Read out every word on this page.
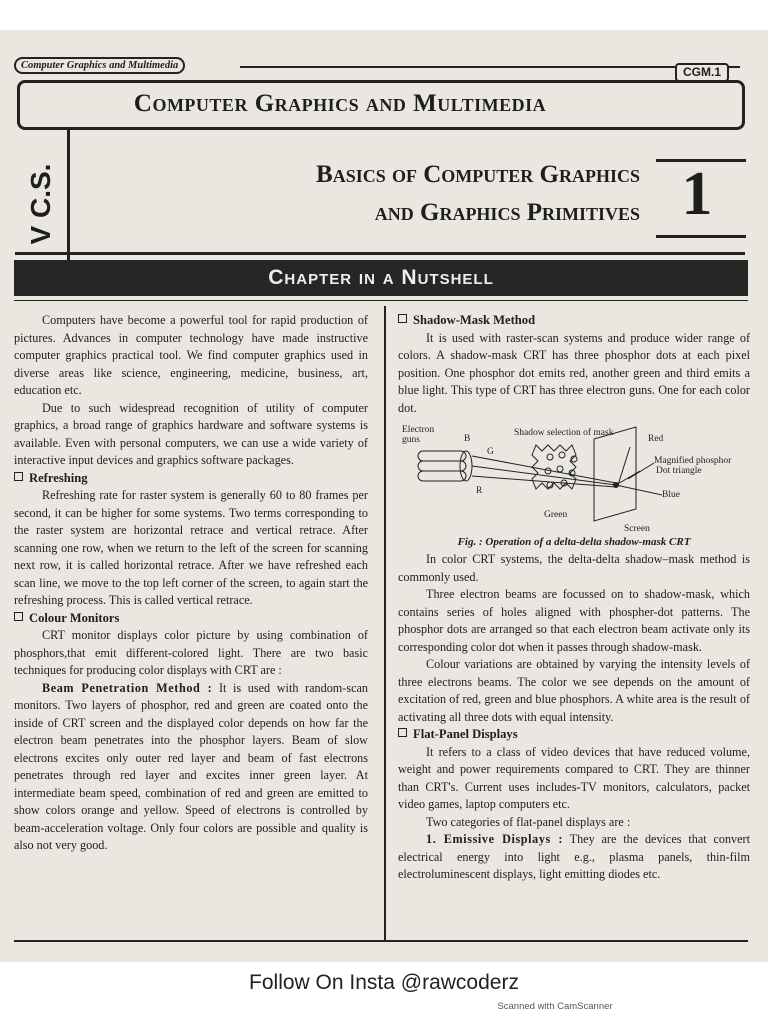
Computer Graphics and Multimedia	CGM.1
Computer Graphics and Multimedia
V C.S.	Basics of Computer Graphics
and Graphics Primitives 1
Chapter in a Nutshell

Computers have become a powerful tool for rapid production of pictures. Advances in computer technology have made instructive computer graphics practical tool. We find computer graphics used in diverse areas like science, engineering, medicine, business, art, education etc.

Due to such widespread recognition of utility of computer graphics, a broad range of graphics hardware and software systems is available. Even with personal computers, we can use a wide variety of interactive input devices and graphics software packages.

Refreshing

Refreshing rate for raster system is generally 60 to 80 frames per second, it can be higher for some systems. Two terms corresponding to the raster system are horizontal retrace and vertical retrace. After scanning one row, when we return to the left of the screen for scanning next row, it is called horizontal retrace. After we have refreshed each scan line, we move to the top left corner of the screen, to again start the refreshing process. This is called vertical retrace.

Colour Monitors

CRT monitor displays color picture by using combination of phosphors,that emit different-colored light. There are two basic techniques for producing color displays with CRT are :

Beam Penetration Method : It is used with random-scan monitors. Two layers of phosphor, red and green are coated onto the inside of CRT screen and the displayed color depends on how far the electron beam penetrates into the phosphor layers. Beam of slow electrons excites only outer red layer and beam of fast electrons penetrates through red layer and excites inner green layer. At intermediate beam speed, combination of red and green are emitted to show colors orange and yellow. Speed of electrons is controlled by beam-acceleration voltage. Only four colors are possible and quality is also not very good.

Shadow-Mask Method

It is used with raster-scan systems and produce wider range of colors. A shadow-mask CRT has three phosphor dots at each pixel position. One phosphor dot emits red, another green and third emits a blue light. This type of CRT has three electron guns. One for each color dot.

Electron
guns	B
G
R
Shadow selection of mask
Red
Magnified phosphor
Dot triangle
Blue
Green
Screen
Fig. : Operation of a delta-delta shadow-mask CRT

In color CRT systems, the delta-delta shadow–mask method is commonly used.

Three electron beams are focussed on to shadow-mask, which contains series of holes aligned with phospher-dot patterns. The phosphor dots are arranged so that each electron beam activate only its corresponding color dot when it passes through shadow-mask.

Colour variations are obtained by varying the intensity levels of three electrons beams. The color we see depends on the amount of excitation of red, green and blue phosphors. A white area is the result of activating all three dots with equal intensity.

Flat-Panel Displays

It refers to a class of video devices that have reduced volume, weight and power requirements compared to CRT. They are thinner than CRT's. Current uses includes-TV monitors, calculators, packet video games, laptop computers etc.

Two categories of flat-panel displays are :

1. Emissive Displays : They are the devices that convert electrical energy into light e.g., plasma panels, thin-film electroluminescent displays, light emitting diodes etc.

Follow On Insta @rawcoderz
Scanned with CamScanner
